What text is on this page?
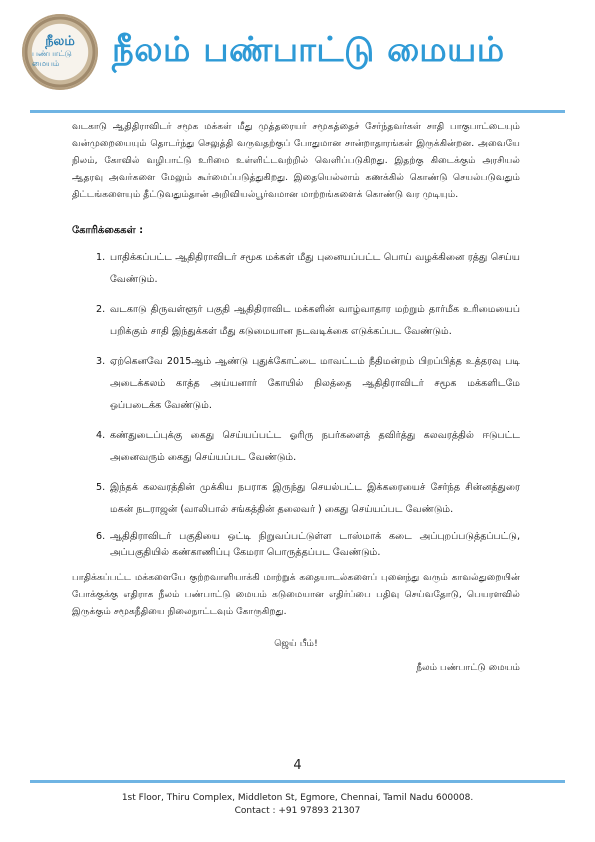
நீலம்
பண்பாட்டு மையம்	நீலம் பண்பாட்டு மையம்

வடகாடு ஆதிதிராவிடர் சமூக மக்கள் மீது முத்தரையர் சமூகத்தைச் சேர்ந்தவர்கள் சாதி பாகுபாட்டையும் வன்முறையையும் தொடர்ந்து செலுத்தி வருவதற்குப் போதுமான சான்றாதாரங்கள் இருக்கின்றன. அவையே நிலம், கோவில் வழிபாட்டு உரிமை உள்ளிட்டவற்றில் வெளிப்படுகிறது. இதற்கு கிடைக்கும் அரசியல் ஆதரவு அவர்களை மேலும் கூர்மைப்படுத்துகிறது. இதையெல்லாம் கணக்கில் கொண்டு செயல்படுவதும் திட்டங்களையும் தீட்டுவதும்தான் அறிவியல்பூர்வமான மாற்றங்களைக் கொண்டு வர முடியும்.

கோரிக்கைகள் :
1. பாதிக்கப்பட்ட ஆதிதிராவிடர் சமூக மக்கள் மீது புனையப்பட்ட பொய் வழக்கினை ரத்து செய்ய வேண்டும்.
2. வடகாடு திருவள்ளூர் பகுதி ஆதிதிராவிட மக்களின் வாழ்வாதார மற்றும் தார்மீக உரிமையைப் பறிக்கும் சாதி இந்துக்கள் மீது கடுமையான நடவடிக்கை எடுக்கப்பட வேண்டும்.
3. ஏற்கெனவே 2015ஆம் ஆண்டு புதுக்கோட்டை மாவட்டம் நீதிமன்றம் பிறப்பித்த உத்தரவு படி அடைக்கலம் காத்த அய்யனார் கோயில் நிலத்தை ஆதிதிராவிடர் சமூக மக்களிடமே ஒப்படைக்க வேண்டும்.
4. கண்துடைப்புக்கு கைது செய்யப்பட்ட ஓரிரு நபர்களைத் தவிர்த்து கலவரத்தில் ஈடுபட்ட அனைவரும் கைது செய்யப்பட வேண்டும்.
5. இந்தக் கலவரத்தின் முக்கிய நபராக இருந்து செயல்பட்ட இக்கரையைச் சேர்ந்த சின்னத்துரை மகன் நடராஜன் (வாலிபால் சங்கத்தின் தலைவர் ) கைது செய்யப்பட வேண்டும்.
6. ஆதிதிராவிடர் பகுதியை ஒட்டி நிறுவப்பட்டுள்ள டாஸ்மாக் கடை அப்புறப்படுத்தப்பட்டு, அப்பகுதியில் கண்காணிப்பு கேமரா பொருத்தப்பட வேண்டும்.

பாதிக்கப்பட்ட மக்களையே குற்றவாளியாக்கி மாற்றுக் கதையாடல்களைப் புனைந்து வரும் காவல்துறையின் போக்குக்கு எதிராக நீலம் பண்பாட்டு மையம் கடுமையான எதிர்ப்பை பதிவு செய்வதோடு, பெயரளவில் இருக்கும் சமூகநீதியை நிலைநாட்டவும் கோருகிறது.

ஜெய் பீம்!
நீலம் பண்பாட்டு மையம்
4
1st Floor, Thiru Complex, Middleton St, Egmore, Chennai, Tamil Nadu 600008.
Contact : +91 97893 21307
